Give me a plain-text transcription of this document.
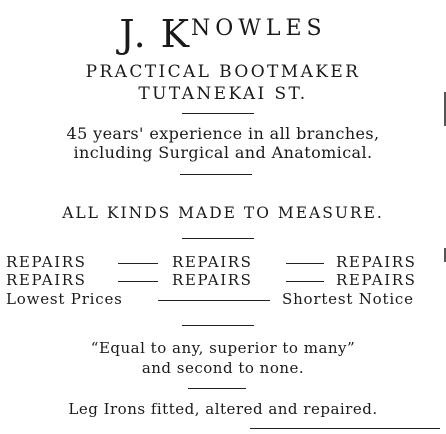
J. $K^{NOWLES}$
PRACTICAL BOOTMAKER
TUTANEKAI ST.
45 years' experience in all branches,
including Surgical and Anatomical.
ALL KINDS MADE TO MEASURE.
REPAIRS	REPAIRS	REPAIRS
REPAIRS	REPAIRS	REPAIRS
Lowest Prices	Shortest Notice
“Equal to any, superior to many”
and second to none.
Leg Irons fitted, altered and repaired.
